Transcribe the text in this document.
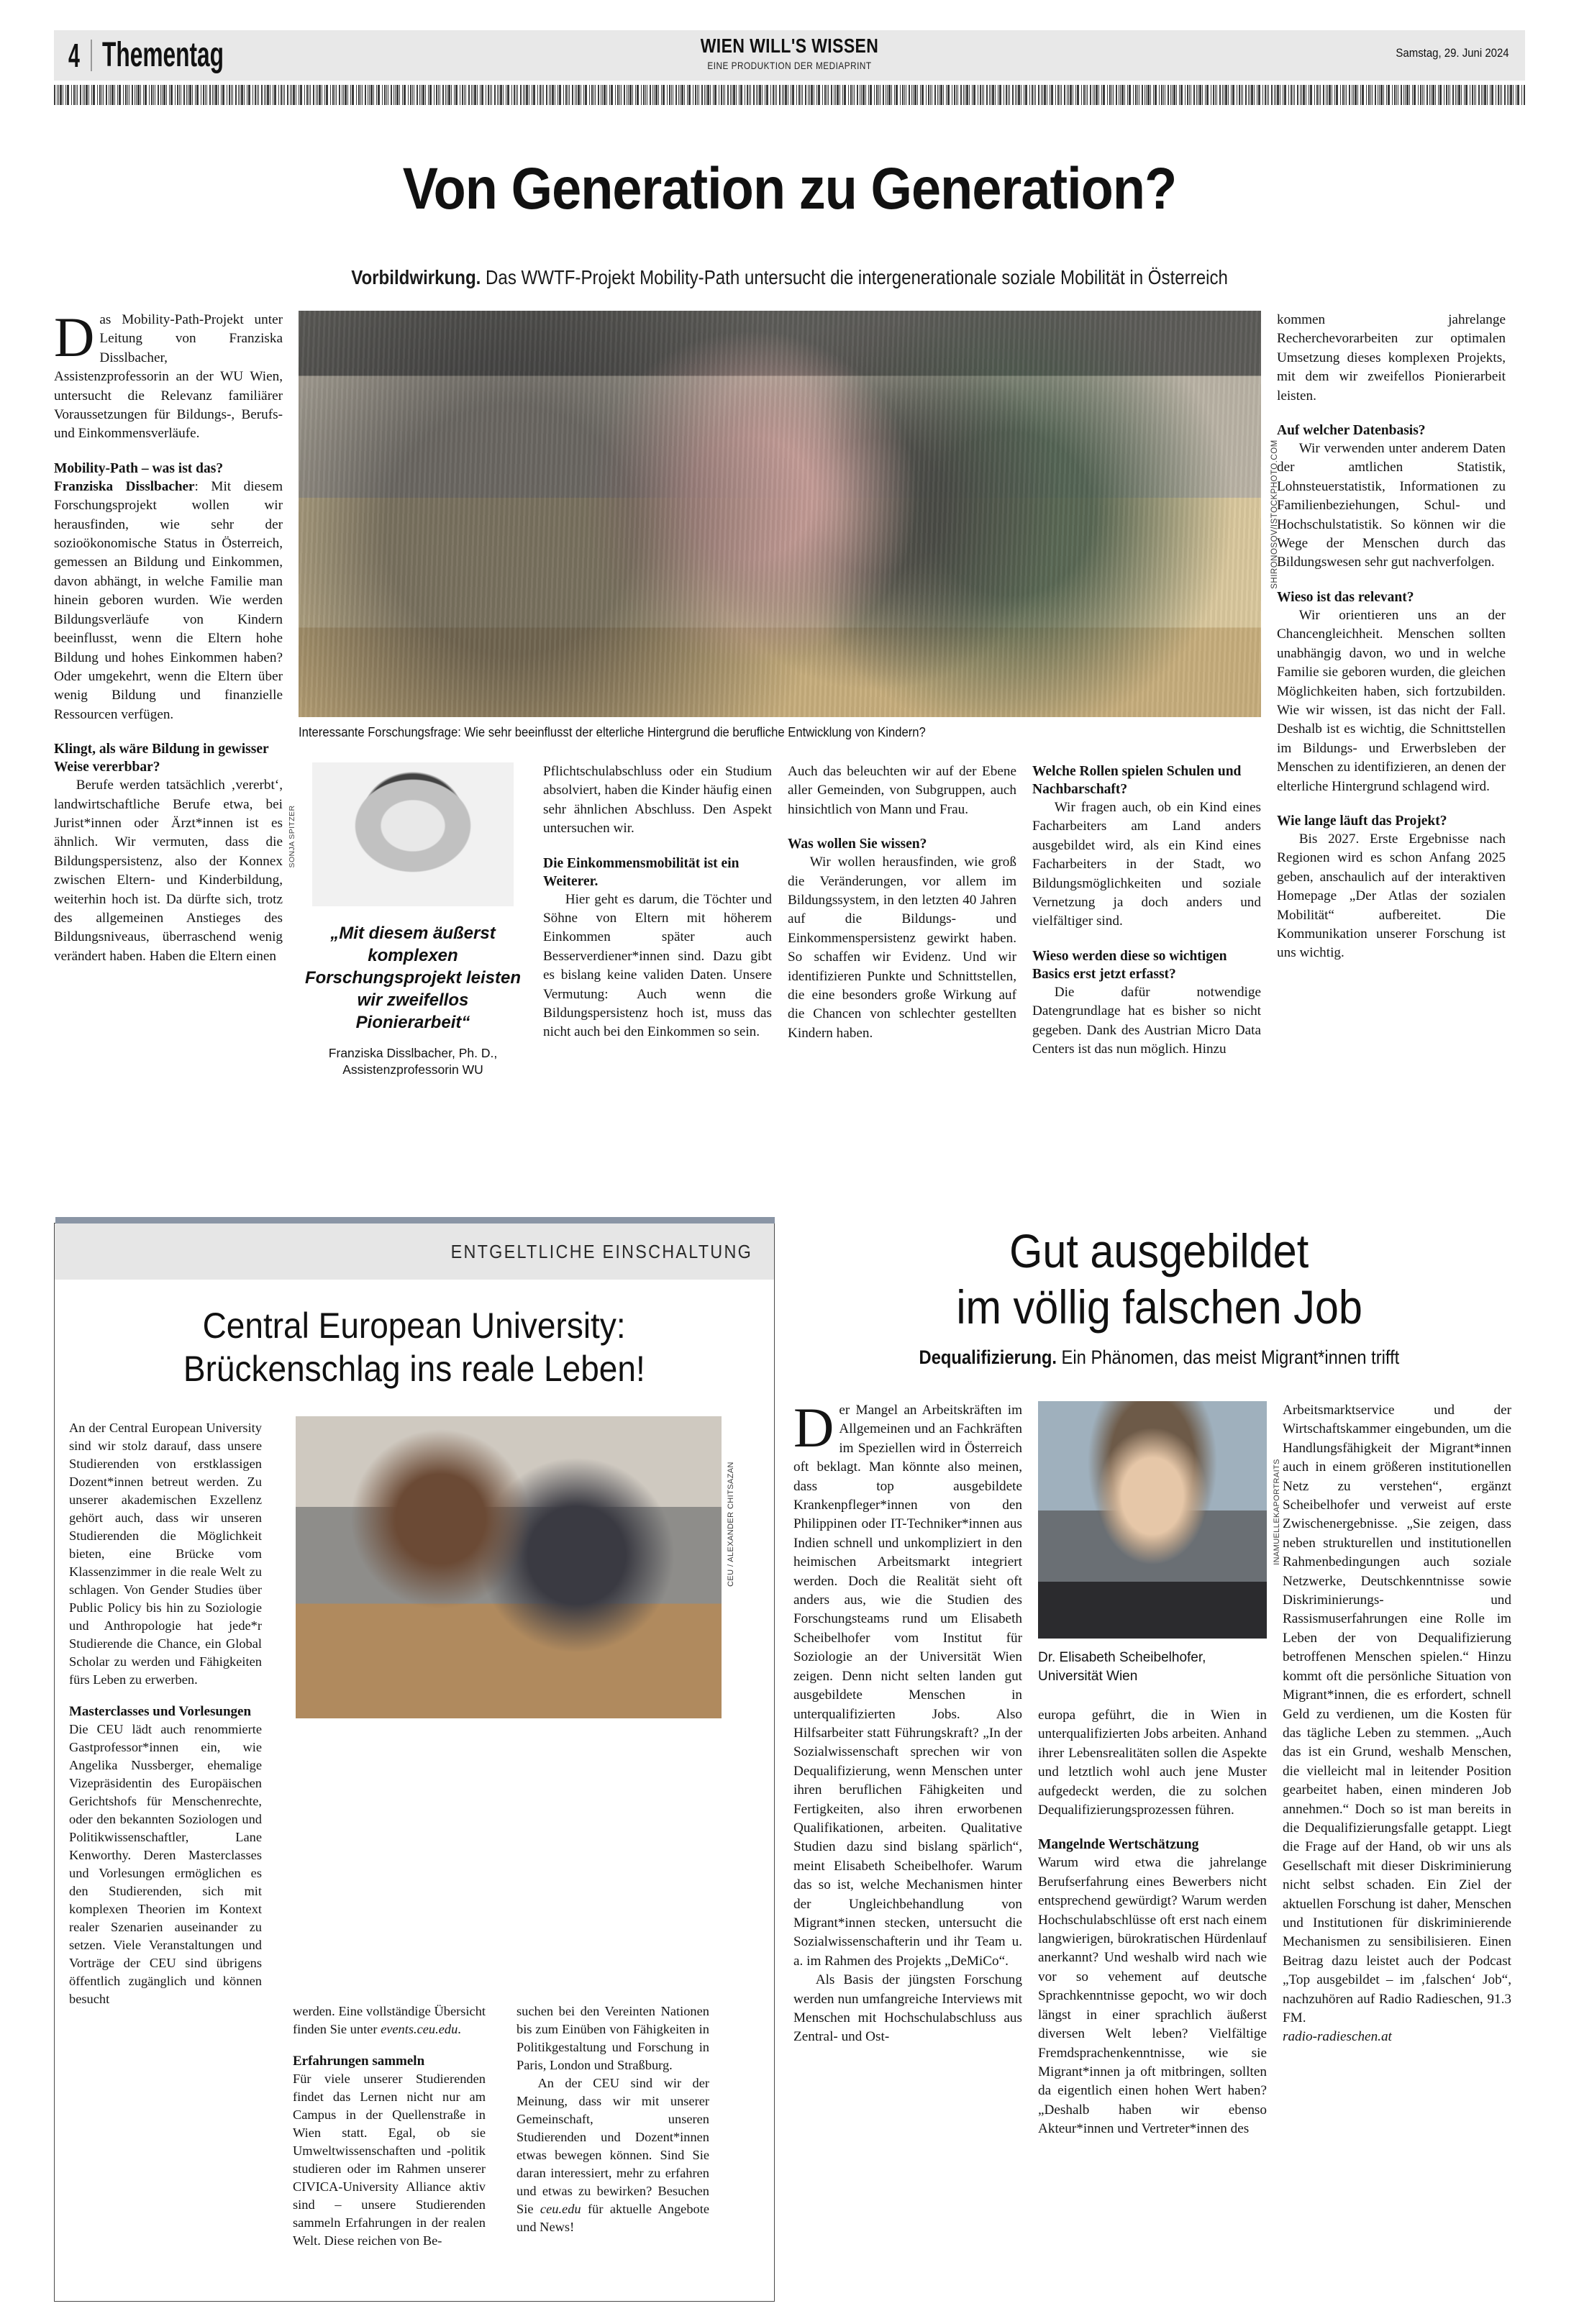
4 Thementag	WIEN WILL'S WISSEN
EINE PRODUKTION DER MEDIAPRINT
Samstag, 29. Juni 2024
Von Generation zu Generation?
Vorbildwirkung. Das WWTF-Projekt Mobility-Path untersucht die intergenerationale soziale Mobilität in Österreich
SHIRONOSOV/ISTOCKPHOTO.COM
Interessante Forschungsfrage: Wie sehr beeinflusst der elterliche Hintergrund die berufliche Entwicklung von Kindern?

Das Mobility-Path-Projekt unter Leitung von Franziska Disslbacher, Assistenzprofessorin an der WU Wien, untersucht die Relevanz familiärer Voraussetzungen für Bildungs-, Berufs- und Einkommensverläufe.

Mobility-Path – was ist das?

Franziska Disslbacher: Mit diesem Forschungsprojekt wollen wir herausfinden, wie sehr der sozioökonomische Status in Österreich, gemessen an Bildung und Einkommen, davon abhängt, in welche Familie man hinein geboren wurden. Wie werden Bildungsverläufe von Kindern beeinflusst, wenn die Eltern hohe Bildung und hohes Einkommen haben? Oder umgekehrt, wenn die Eltern über wenig Bildung und finanzielle Ressourcen verfügen.

Klingt, als wäre Bildung in gewisser Weise vererbbar?

Berufe werden tatsächlich ‚vererbt‘, landwirtschaftliche Berufe etwa, bei Jurist*innen oder Ärzt*innen ist es ähnlich. Wir vermuten, dass die Bildungspersistenz, also der Konnex zwischen Eltern- und Kinderbildung, weiterhin hoch ist. Da dürfte sich, trotz des allgemeinen Anstieges des Bildungsniveaus, überraschend wenig verändert haben. Haben die Eltern einen

SONJA SPITZER
„Mit diesem äußerst komplexen Forschungsprojekt leisten wir zweifellos Pionierarbeit“
Franziska Disslbacher, Ph. D.,
Assistenzprofessorin WU

Pflichtschulabschluss oder ein Studium absolviert, haben die Kinder häufig einen sehr ähnlichen Abschluss. Den Aspekt untersuchen wir.

Die Einkommensmobilität ist ein Weiterer.

Hier geht es darum, die Töchter und Söhne von Eltern mit höherem Einkommen später auch Besserverdiener*innen sind. Dazu gibt es bislang keine validen Daten. Unsere Vermutung: Auch wenn die Bildungspersistenz hoch ist, muss das nicht auch bei den Einkommen so sein.

Auch das beleuchten wir auf der Ebene aller Gemeinden, von Subgruppen, auch hinsichtlich von Mann und Frau.

Was wollen Sie wissen?

Wir wollen herausfinden, wie groß die Veränderungen, vor allem im Bildungssystem, in den letzten 40 Jahren auf die Bildungs- und Einkommenspersistenz gewirkt haben. So schaffen wir Evidenz. Und wir identifizieren Punkte und Schnittstellen, die eine besonders große Wirkung auf die Chancen von schlechter gestellten Kindern haben.

Welche Rollen spielen Schulen und Nachbarschaft?

Wir fragen auch, ob ein Kind eines Facharbeiters am Land anders ausgebildet wird, als ein Kind eines Facharbeiters in der Stadt, wo Bildungsmöglichkeiten und soziale Vernetzung ja doch anders und vielfältiger sind.

Wieso werden diese so wichtigen Basics erst jetzt erfasst?

Die dafür notwendige Datengrundlage hat es bisher so nicht gegeben. Dank des Austrian Micro Data Centers ist das nun möglich. Hinzu

kommen jahrelange Recherchevorarbeiten zur optimalen Umsetzung dieses komplexen Projekts, mit dem wir zweifellos Pionierarbeit leisten.

Auf welcher Datenbasis?

Wir verwenden unter anderem Daten der amtlichen Statistik, Lohnsteuerstatistik, Informationen zu Familienbeziehungen, Schul- und Hochschulstatistik. So können wir die Wege der Menschen durch das Bildungswesen sehr gut nachverfolgen.

Wieso ist das relevant?

Wir orientieren uns an der Chancengleichheit. Menschen sollten unabhängig davon, wo und in welche Familie sie geboren wurden, die gleichen Möglichkeiten haben, sich fortzubilden. Wie wir wissen, ist das nicht der Fall. Deshalb ist es wichtig, die Schnittstellen im Bildungs- und Erwerbsleben der Menschen zu identifizieren, an denen der elterliche Hintergrund schlagend wird.

Wie lange läuft das Projekt?

Bis 2027. Erste Ergebnisse nach Regionen wird es schon Anfang 2025 geben, anschaulich auf der interaktiven Homepage „Der Atlas der sozialen Mobilität“ aufbereitet. Die Kommunikation unserer Forschung ist uns wichtig.

ENTGELTLICHE EINSCHALTUNG
Central European University:
Brückenschlag ins reale Leben!
CEU / ALEXANDER CHITSAZAN

An der Central European University sind wir stolz darauf, dass unsere Studierenden von erstklassigen Dozent*innen betreut werden. Zu unserer akademischen Exzellenz gehört auch, dass wir unseren Studierenden die Möglichkeit bieten, eine Brücke vom Klassenzimmer in die reale Welt zu schlagen. Von Gender Studies über Public Policy bis hin zu Soziologie und Anthropologie hat jede*r Studierende die Chance, ein Global Scholar zu werden und Fähigkeiten fürs Leben zu erwerben.

Masterclasses und Vorlesungen

Die CEU lädt auch renommierte Gastprofessor*innen ein, wie Angelika Nussberger, ehemalige Vizepräsidentin des Europäischen Gerichtshofs für Menschenrechte, oder den bekannten Soziologen und Politikwissenschaftler, Lane Kenworthy. Deren Masterclasses und Vorlesungen ermöglichen es den Studierenden, sich mit komplexen Theorien im Kontext realer Szenarien auseinander zu setzen. Viele Veranstaltungen und Vorträge der CEU sind übrigens öffentlich zugänglich und können besucht

werden. Eine vollständige Übersicht finden Sie unter events.ceu.edu.

Erfahrungen sammeln

Für viele unserer Studierenden findet das Lernen nicht nur am Campus in der Quellenstraße in Wien statt. Egal, ob sie Umweltwissenschaften und -politik studieren oder im Rahmen unserer CIVICA-University Alliance aktiv sind – unsere Studierenden sammeln Erfahrungen in der realen Welt. Diese reichen von Be-

suchen bei den Vereinten Nationen bis zum Einüben von Fähigkeiten in Politikgestaltung und Forschung in Paris, London und Straßburg.

An der CEU sind wir der Meinung, dass wir mit unserer Gemeinschaft, unseren Studierenden und Dozent*innen etwas bewegen können. Sind Sie daran interessiert, mehr zu erfahren und etwas zu bewirken? Besuchen Sie ceu.edu für aktuelle Angebote und News!

Gut ausgebildet
im völlig falschen Job
Dequalifizierung. Ein Phänomen, das meist Migrant*innen trifft

Der Mangel an Arbeitskräften im Allgemeinen und an Fachkräften im Speziellen wird in Österreich oft beklagt. Man könnte also meinen, dass top ausgebildete Krankenpfleger*innen von den Philippinen oder IT-Techniker*innen aus Indien schnell und unkompliziert in den heimischen Arbeitsmarkt integriert werden. Doch die Realität sieht oft anders aus, wie die Studien des Forschungsteams rund um Elisabeth Scheibelhofer vom Institut für Soziologie an der Universität Wien zeigen. Denn nicht selten landen gut ausgebildete Menschen in unterqualifizierten Jobs. Also Hilfsarbeiter statt Führungskraft? „In der Sozialwissenschaft sprechen wir von Dequalifizierung, wenn Menschen unter ihren beruflichen Fähigkeiten und Fertigkeiten, also ihren erworbenen Qualifikationen, arbeiten. Qualitative Studien dazu sind bislang spärlich“, meint Elisabeth Scheibelhofer. Warum das so ist, welche Mechanismen hinter der Ungleichbehandlung von Migrant*innen stecken, untersucht die Sozialwissenschafterin und ihr Team u. a. im Rahmen des Projekts „DeMiCo“.

Als Basis der jüngsten Forschung werden nun umfangreiche Interviews mit Menschen mit Hochschulabschluss aus Zentral- und Ost-

INAMUELLEKAPORTRAITS
Dr. Elisabeth Scheibelhofer,
Universität Wien

europa geführt, die in Wien in unterqualifizierten Jobs arbeiten. Anhand ihrer Lebensrealitäten sollen die Aspekte und letztlich wohl auch jene Muster aufgedeckt werden, die zu solchen Dequalifizierungsprozessen führen.

Mangelnde Wertschätzung

Warum wird etwa die jahrelange Berufserfahrung eines Bewerbers nicht entsprechend gewürdigt? Warum werden Hochschulabschlüsse oft erst nach einem langwierigen, bürokratischen Hürdenlauf anerkannt? Und weshalb wird nach wie vor so vehement auf deutsche Sprachkenntnisse gepocht, wo wir doch längst in einer sprachlich äußerst diversen Welt leben? Vielfältige Fremdsprachenkenntnisse, wie sie Migrant*innen ja oft mitbringen, sollten da eigentlich einen hohen Wert haben? „Deshalb haben wir ebenso Akteur*innen und Vertreter*innen des

Arbeitsmarktservice und der Wirtschaftskammer eingebunden, um die Handlungsfähigkeit der Migrant*innen auch in einem größeren institutionellen Netz zu verstehen“, ergänzt Scheibelhofer und verweist auf erste Zwischenergebnisse. „Sie zeigen, dass neben strukturellen und institutionellen Rahmenbedingungen auch soziale Netzwerke, Deutschkenntnisse sowie Diskriminierungs- und Rassismuserfahrungen eine Rolle im Leben der von Dequalifizierung betroffenen Menschen spielen.“ Hinzu kommt oft die persönliche Situation von Migrant*innen, die es erfordert, schnell Geld zu verdienen, um die Kosten für das tägliche Leben zu stemmen. „Auch das ist ein Grund, weshalb Menschen, die vielleicht mal in leitender Position gearbeitet haben, einen minderen Job annehmen.“ Doch so ist man bereits in die Dequalifizierungsfalle getappt. Liegt die Frage auf der Hand, ob wir uns als Gesellschaft mit dieser Diskriminierung nicht selbst schaden. Ein Ziel der aktuellen Forschung ist daher, Menschen und Institutionen für diskriminierende Mechanismen zu sensibilisieren. Einen Beitrag dazu leistet auch der Podcast „Top ausgebildet – im ‚falschen‘ Job“, nachzuhören auf Radio Radieschen, 91.3 FM.

radio-radieschen.at
